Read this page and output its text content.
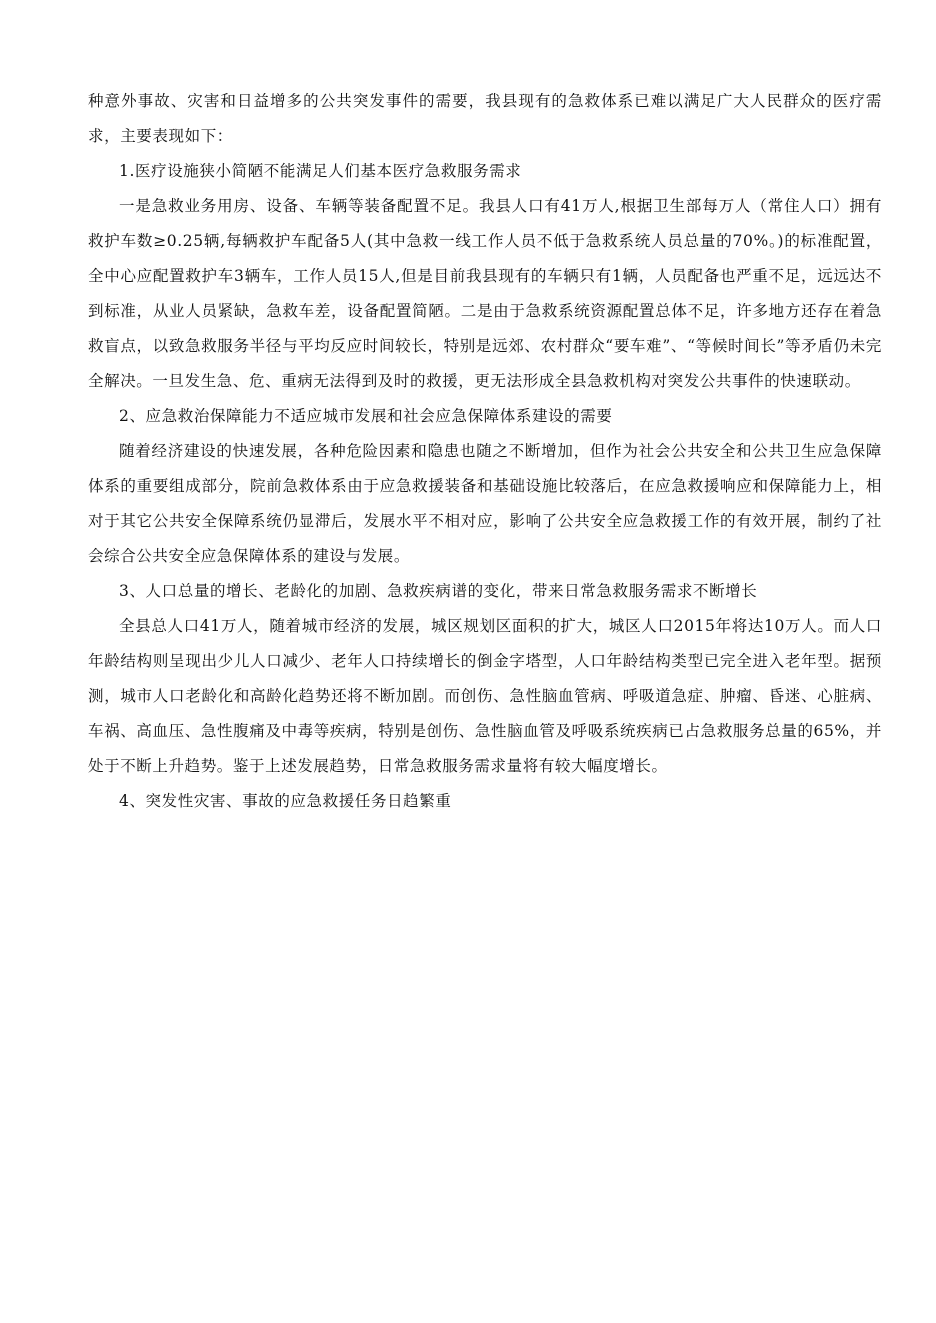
种意外事故、灾害和日益增多的公共突发事件的需要，我县现有的急救体系已难以满足广大人民群众的医疗需求，主要表现如下：

1.医疗设施狭小简陋不能满足人们基本医疗急救服务需求

一是急救业务用房、设备、车辆等装备配置不足。我县人口有41万人,根据卫生部每万人（常住人口）拥有救护车数≥0.25辆,每辆救护车配备5人(其中急救一线工作人员不低于急救系统人员总量的70%。)的标准配置，全中心应配置救护车3辆车，工作人员15人,但是目前我县现有的车辆只有1辆，人员配备也严重不足，远远达不到标准，从业人员紧缺，急救车差，设备配置简陋。二是由于急救系统资源配置总体不足，许多地方还存在着急救盲点，以致急救服务半径与平均反应时间较长，特别是远郊、农村群众“要车难”、“等候时间长”等矛盾仍未完全解决。一旦发生急、危、重病无法得到及时的救援，更无法形成全县急救机构对突发公共事件的快速联动。

2、应急救治保障能力不适应城市发展和社会应急保障体系建设的需要

随着经济建设的快速发展，各种危险因素和隐患也随之不断增加，但作为社会公共安全和公共卫生应急保障体系的重要组成部分，院前急救体系由于应急救援装备和基础设施比较落后，在应急救援响应和保障能力上，相对于其它公共安全保障系统仍显滞后，发展水平不相对应，影响了公共安全应急救援工作的有效开展，制约了社会综合公共安全应急保障体系的建设与发展。

3、人口总量的增长、老龄化的加剧、急救疾病谱的变化，带来日常急救服务需求不断增长

全县总人口41万人，随着城市经济的发展，城区规划区面积的扩大，城区人口2015年将达10万人。而人口年龄结构则呈现出少儿人口减少、老年人口持续增长的倒金字塔型，人口年龄结构类型已完全进入老年型。据预测，城市人口老龄化和高龄化趋势还将不断加剧。而创伤、急性脑血管病、呼吸道急症、肿瘤、昏迷、心脏病、车祸、高血压、急性腹痛及中毒等疾病，特别是创伤、急性脑血管及呼吸系统疾病已占急救服务总量的65%，并处于不断上升趋势。鉴于上述发展趋势，日常急救服务需求量将有较大幅度增长。

4、突发性灾害、事故的应急救援任务日趋繁重
